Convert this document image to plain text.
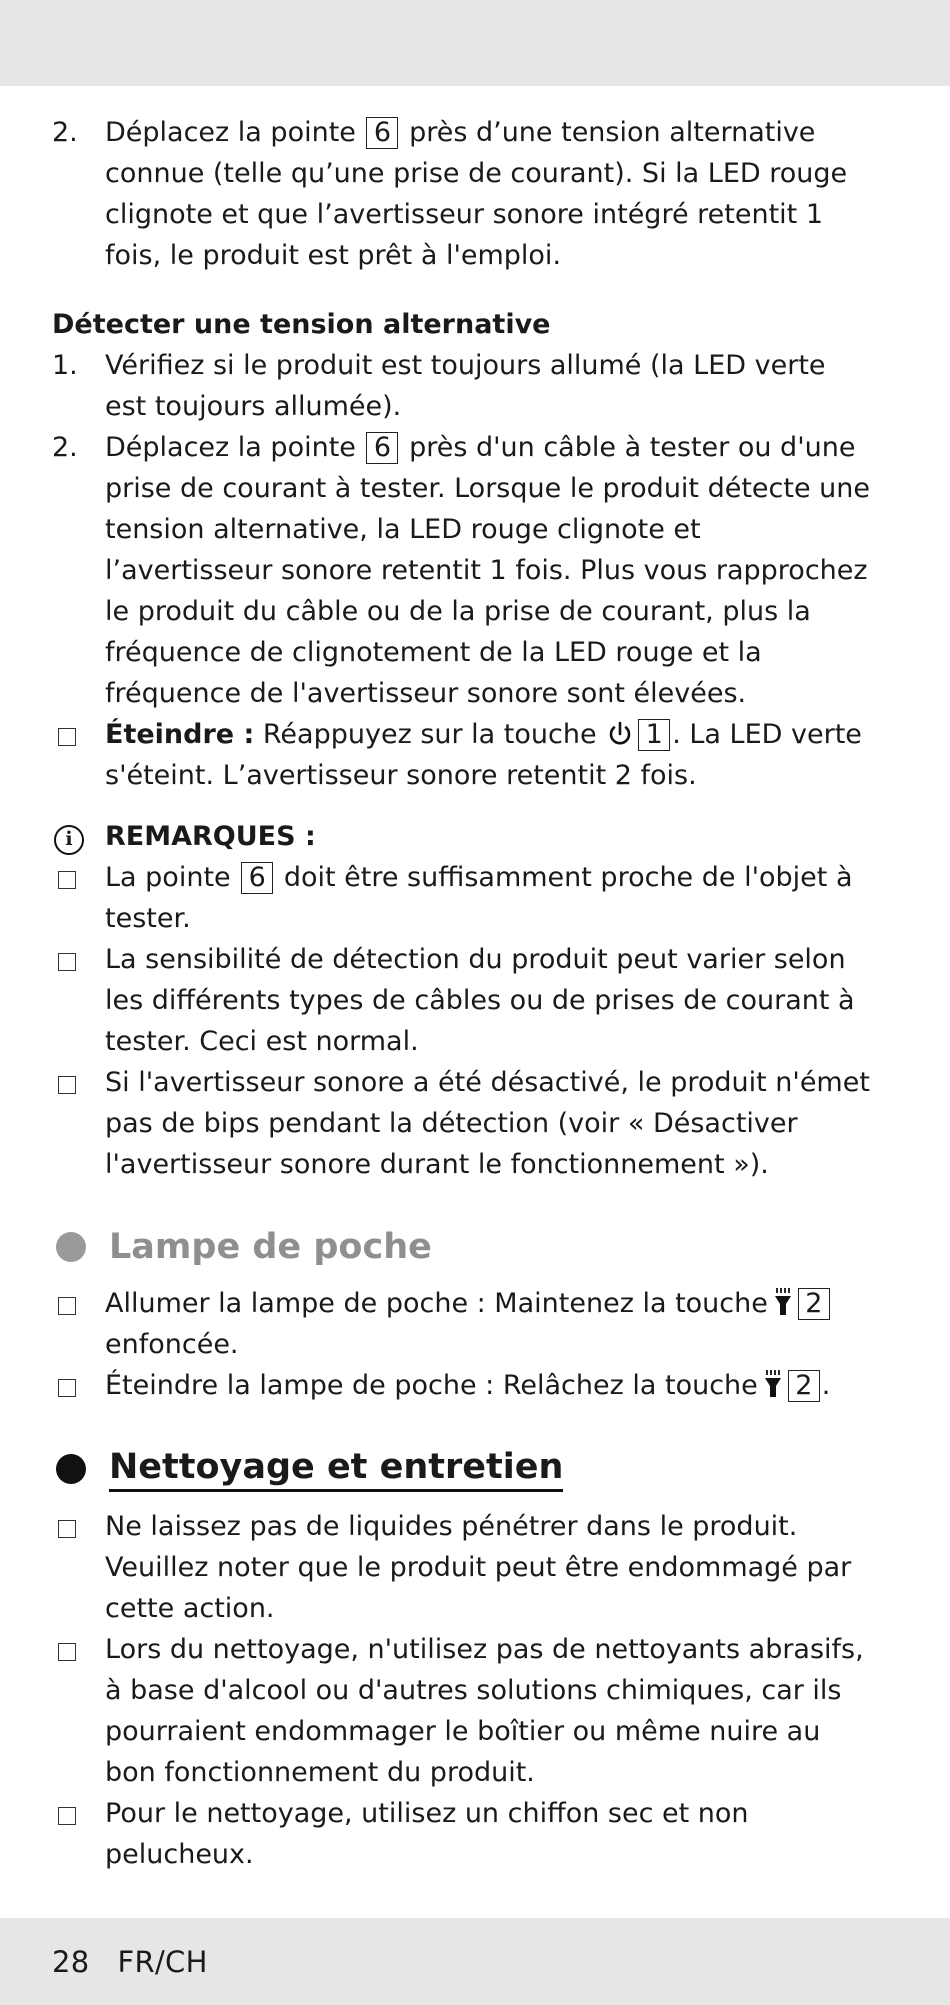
2.	Déplacez la pointe 6 près d’une tension alternative connue (telle qu’une prise de courant). Si la LED rouge clignote et que l’avertisseur sonore intégré retentit 1 fois, le produit est prêt à l'emploi.
Détecter une tension alternative
1.	Vérifiez si le produit est toujours allumé (la LED verte est toujours allumée).
2.	Déplacez la pointe 6 près d'un câble à tester ou d'une prise de courant à tester. Lorsque le produit détecte une tension alternative, la LED rouge clignote et l’avertisseur sonore retentit 1 fois. Plus vous rapprochez le produit du câble ou de la prise de courant, plus la fréquence de clignotement de la LED rouge et la fréquence de l'avertisseur sonore sont élevées.
Éteindre : Réappuyez sur la touche 1 . La LED verte s'éteint. L’avertisseur sonore retentit 2 fois.
i	REMARQUES :
La pointe 6 doit être suffisamment proche de l'objet à tester.
La sensibilité de détection du produit peut varier selon les différents types de câbles ou de prises de courant à tester. Ceci est normal.
Si l'avertisseur sonore a été désactivé, le produit n'émet pas de bips pendant la détection (voir « Désactiver l'avertisseur sonore durant le fonctionnement »).
Lampe de poche
Allumer la lampe de poche : Maintenez la touche 2
enfoncée.
Éteindre la lampe de poche : Relâchez la touche 2 .
Nettoyage et entretien
Ne laissez pas de liquides pénétrer dans le produit. Veuillez noter que le produit peut être endommagé par cette action.
Lors du nettoyage, n'utilisez pas de nettoyants abrasifs, à base d'alcool ou d'autres solutions chimiques, car ils pourraient endommager le boîtier ou même nuire au bon fonctionnement du produit.
Pour le nettoyage, utilisez un chiffon sec et non pelucheux.
28 FR/CH
